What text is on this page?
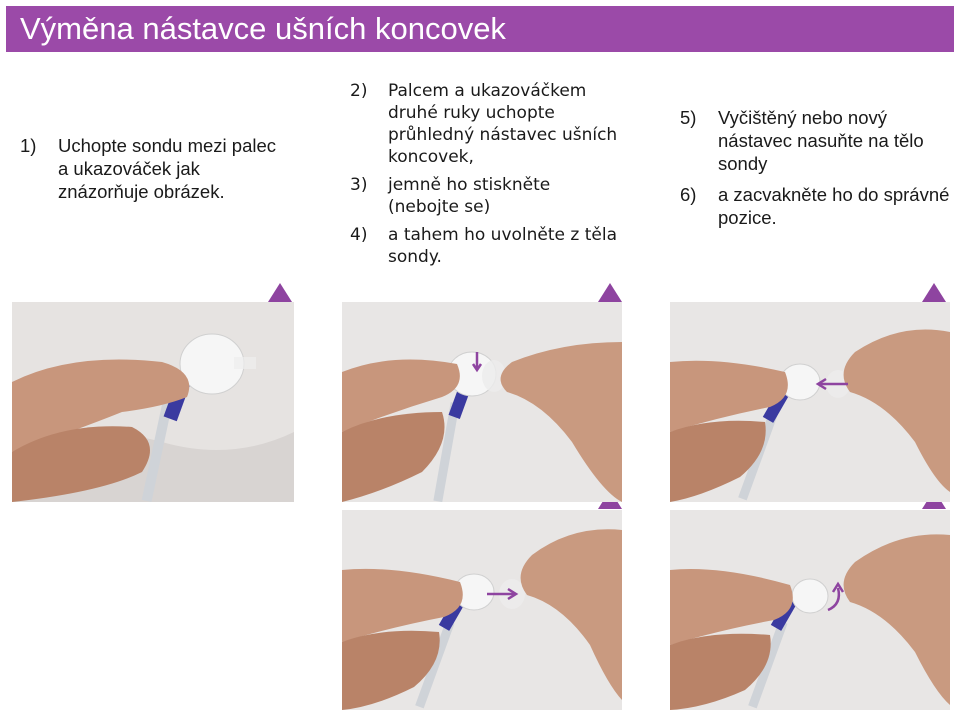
Výměna nástavce ušních koncovek
1) Uchopte sondu mezi palec a ukazováček jak znázorňuje obrázek.
2) Palcem a ukazováčkem druhé ruky uchopte průhledný nástavec ušních koncovek,
3) jemně ho stiskněte (nebojte se)
4) a tahem ho uvolněte z těla sondy.
5) Vyčištěný nebo nový nástavec nasuňte na tělo sondy
6) a zacvakněte ho do správné pozice.
